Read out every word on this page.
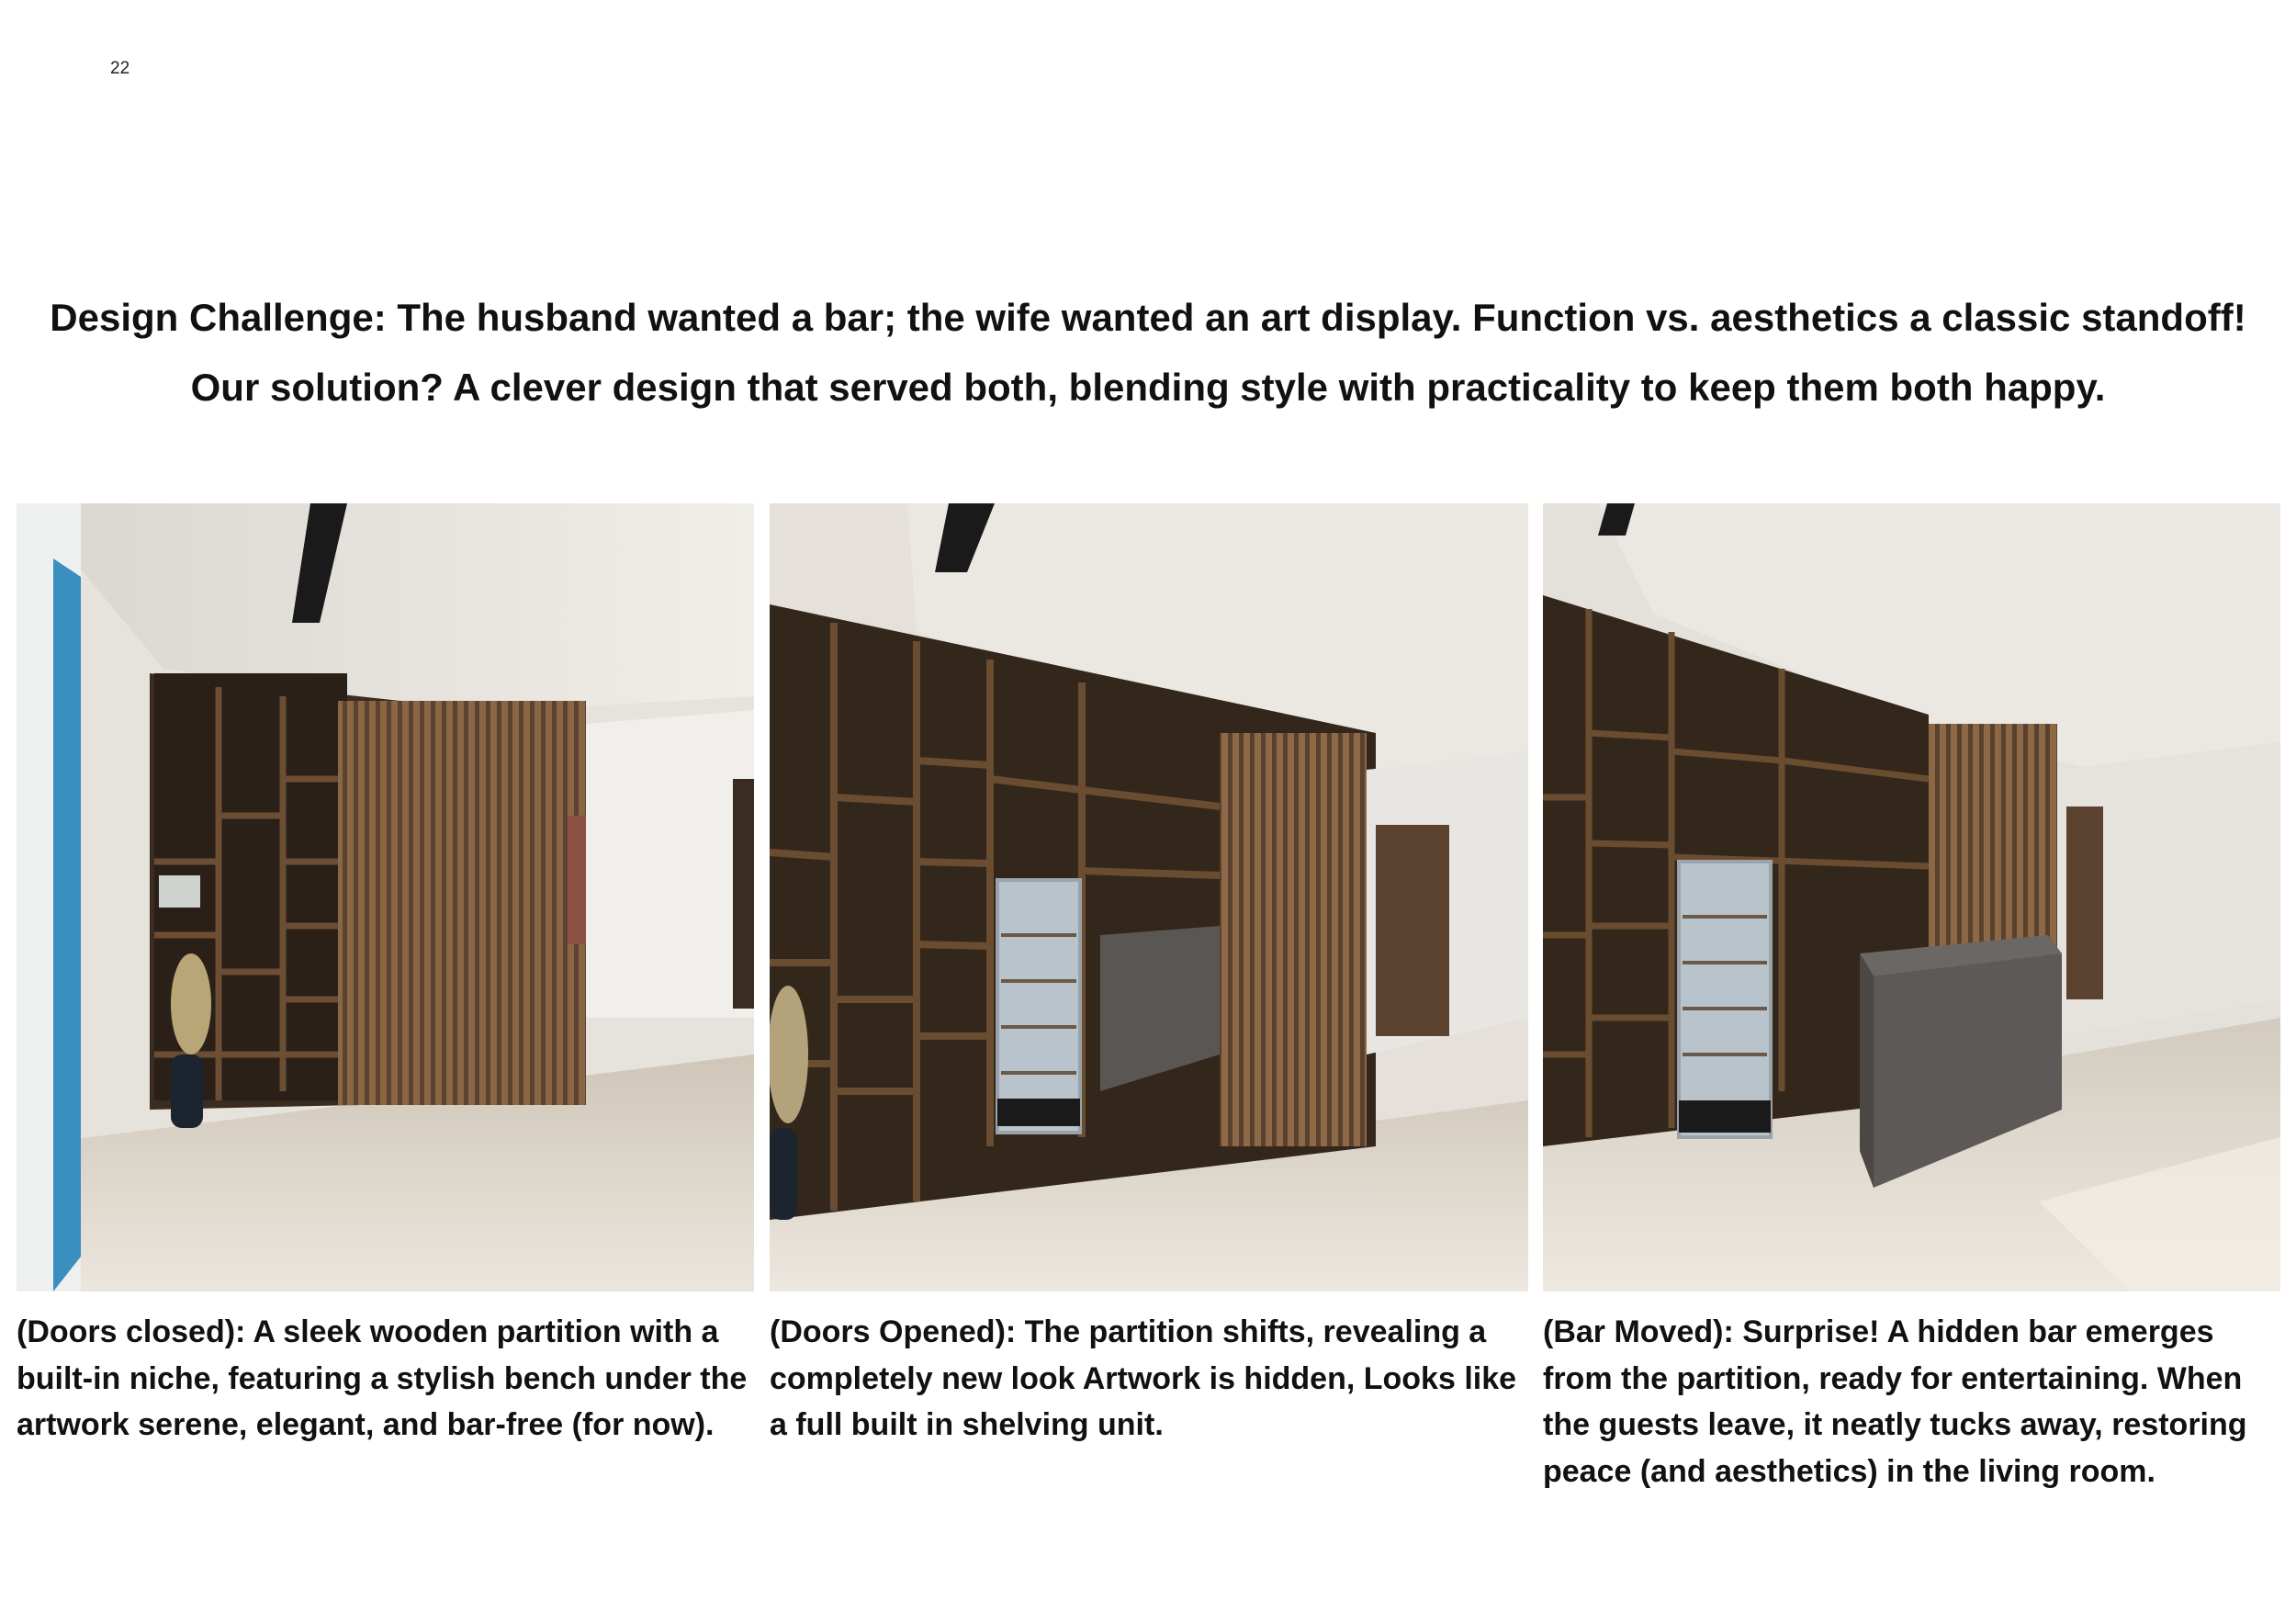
22
Design Challenge: The husband wanted a bar; the wife wanted an art display. Function vs. aesthetics a classic standoff!
Our solution? A clever design that served both, blending style with practicality to keep them both happy.
(Doors closed): A sleek wooden partition with a built-in niche, featuring a stylish bench under the artwork serene, elegant, and bar-free (for now).
(Doors Opened): The partition shifts, revealing a completely new look Artwork is hidden, Looks like a full built in shelving unit.
(Bar Moved): Surprise! A hidden bar emerges from the partition, ready for entertaining. When the guests leave, it neatly tucks away, restoring peace (and aesthetics) in the living room.
